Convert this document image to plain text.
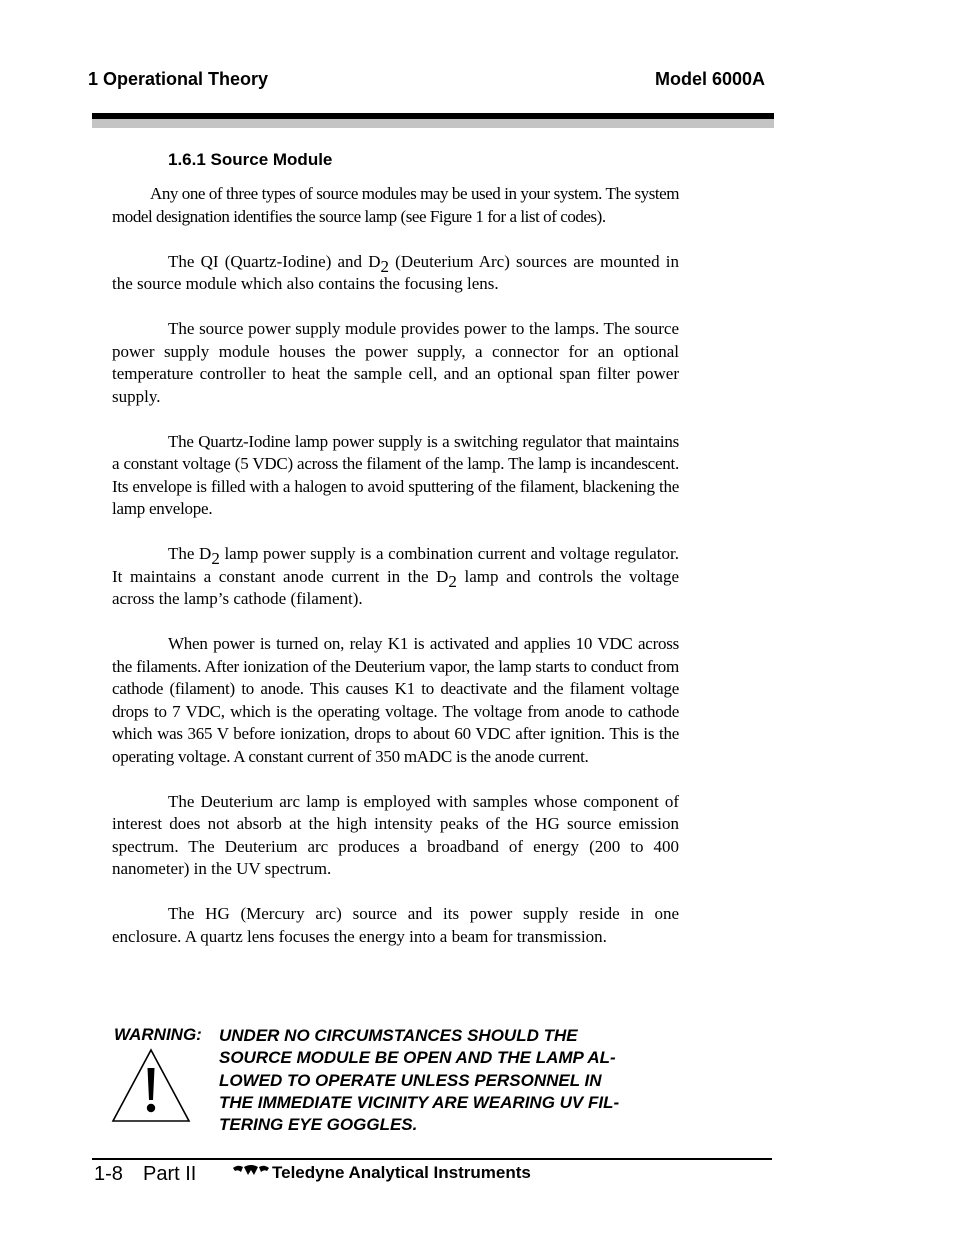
1 Operational Theory	Model 6000A
1.6.1 Source Module

Any one of three types of source modules may be used in your system. The system model designation identifies the source lamp (see Figure 1 for a list of codes).

The QI (Quartz-Iodine) and $D_2$ (Deuterium Arc) sources are mounted in the source module which also contains the focusing lens.

The source power supply module provides power to the lamps. The source power supply module houses the power supply, a connector for an optional temperature controller to heat the sample cell, and an optional span filter power supply.

The Quartz-Iodine lamp power supply is a switching regulator that maintains a constant voltage (5 VDC) across the filament of the lamp. The lamp is incandescent. Its envelope is filled with a halogen to avoid sputtering of the filament, blackening the lamp envelope.

The $D_2$ lamp power supply is a combination current and voltage regulator. It maintains a constant anode current in the $D_2$ lamp and controls the voltage across the lamp’s cathode (filament).

When power is turned on, relay K1 is activated and applies 10 VDC across the filaments. After ionization of the Deuterium vapor, the lamp starts to conduct from cathode (filament) to anode. This causes K1 to deactivate and the filament voltage drops to 7 VDC, which is the operating voltage. The voltage from anode to cathode which was 365 V before ionization, drops to about 60 VDC after ignition. This is the operating voltage. A constant current of 350 mADC is the anode current.

The Deuterium arc lamp is employed with samples whose component of interest does not absorb at the high intensity peaks of the HG source emission spectrum. The Deuterium arc produces a broadband of energy (200 to 400 nanometer) in the UV spectrum.

The HG (Mercury arc) source and its power supply reside in one enclosure. A quartz lens focuses the energy into a beam for transmission.

WARNING: UNDER NO CIRCUMSTANCES SHOULD THE
SOURCE MODULE BE OPEN AND THE LAMP AL-
LOWED TO OPERATE UNLESS PERSONNEL IN
THE IMMEDIATE VICINITY ARE WEARING UV FIL-
TERING EYE GOGGLES.
1-8 Part II	Teledyne Analytical Instruments
